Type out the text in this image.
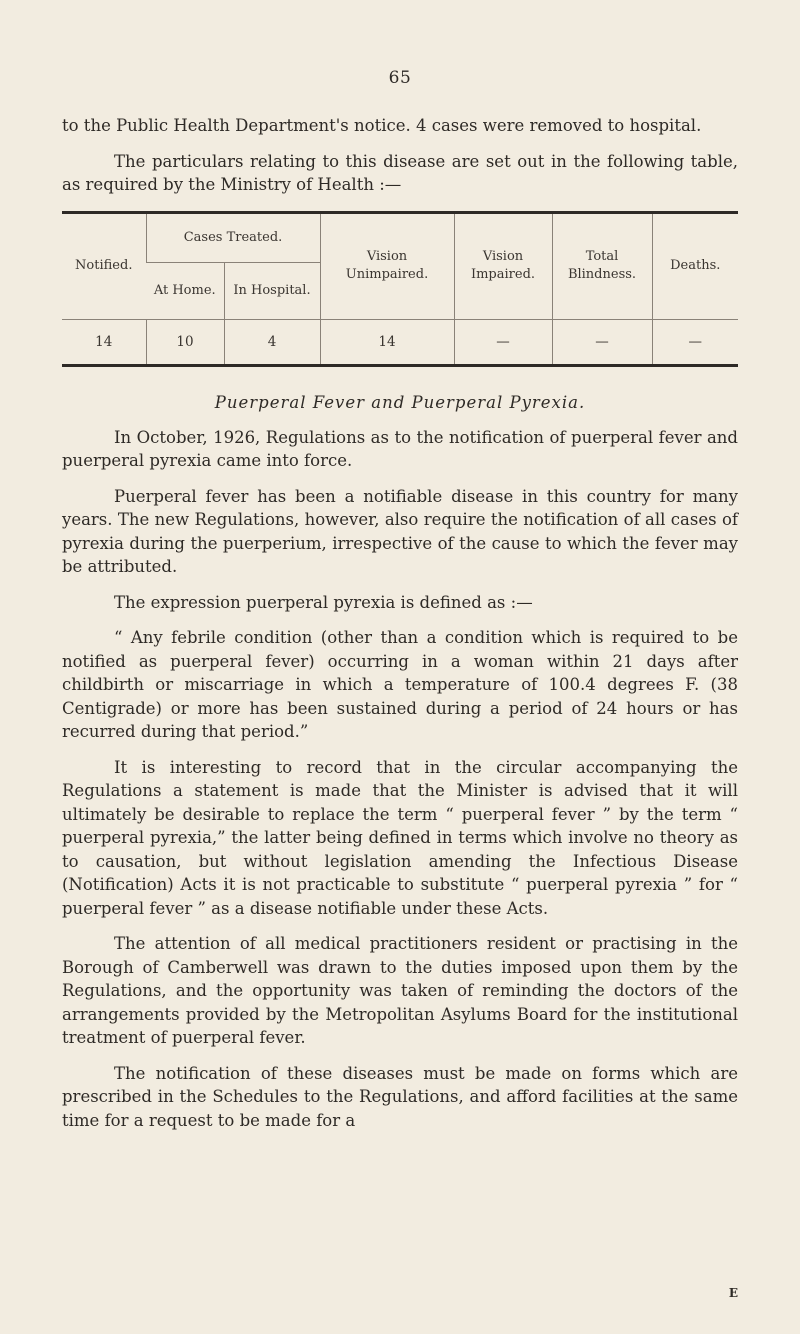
65

to the Public Health Department's notice. 4 cases were removed to hospital.

The particulars relating to this disease are set out in the following table, as required by the Ministry of Health :—

Notified.	Cases Treated.		Vision Unimpaired.	Vision Impaired.	Total Blindness.	Deaths.
	At Home.	In Hospital.				
14	10	4	14	—	—	—
Puerperal Fever and Puerperal Pyrexia.

In October, 1926, Regulations as to the notification of puerperal fever and puerperal pyrexia came into force.

Puerperal fever has been a notifiable disease in this country for many years. The new Regulations, however, also require the notification of all cases of pyrexia during the puerperium, irrespective of the cause to which the fever may be attributed.

The expression puerperal pyrexia is defined as :—

“ Any febrile condition (other than a condition which is required to be notified as puerperal fever) occurring in a woman within 21 days after childbirth or miscarriage in which a temperature of 100.4 degrees F. (38 Centigrade) or more has been sustained during a period of 24 hours or has recurred during that period.”

It is interesting to record that in the circular accompanying the Regulations a statement is made that the Minister is advised that it will ultimately be desirable to replace the term “ puerperal fever ” by the term “ puerperal pyrexia,” the latter being defined in terms which involve no theory as to causation, but without legislation amending the Infectious Disease (Notification) Acts it is not practicable to substitute “ puerperal pyrexia ” for “ puerperal fever ” as a disease notifiable under these Acts.

The attention of all medical practitioners resident or practising in the Borough of Camberwell was drawn to the duties imposed upon them by the Regulations, and the opportunity was taken of reminding the doctors of the arrangements provided by the Metropolitan Asylums Board for the institutional treatment of puerperal fever.

The notification of these diseases must be made on forms which are prescribed in the Schedules to the Regulations, and afford facilities at the same time for a request to be made for a

E
